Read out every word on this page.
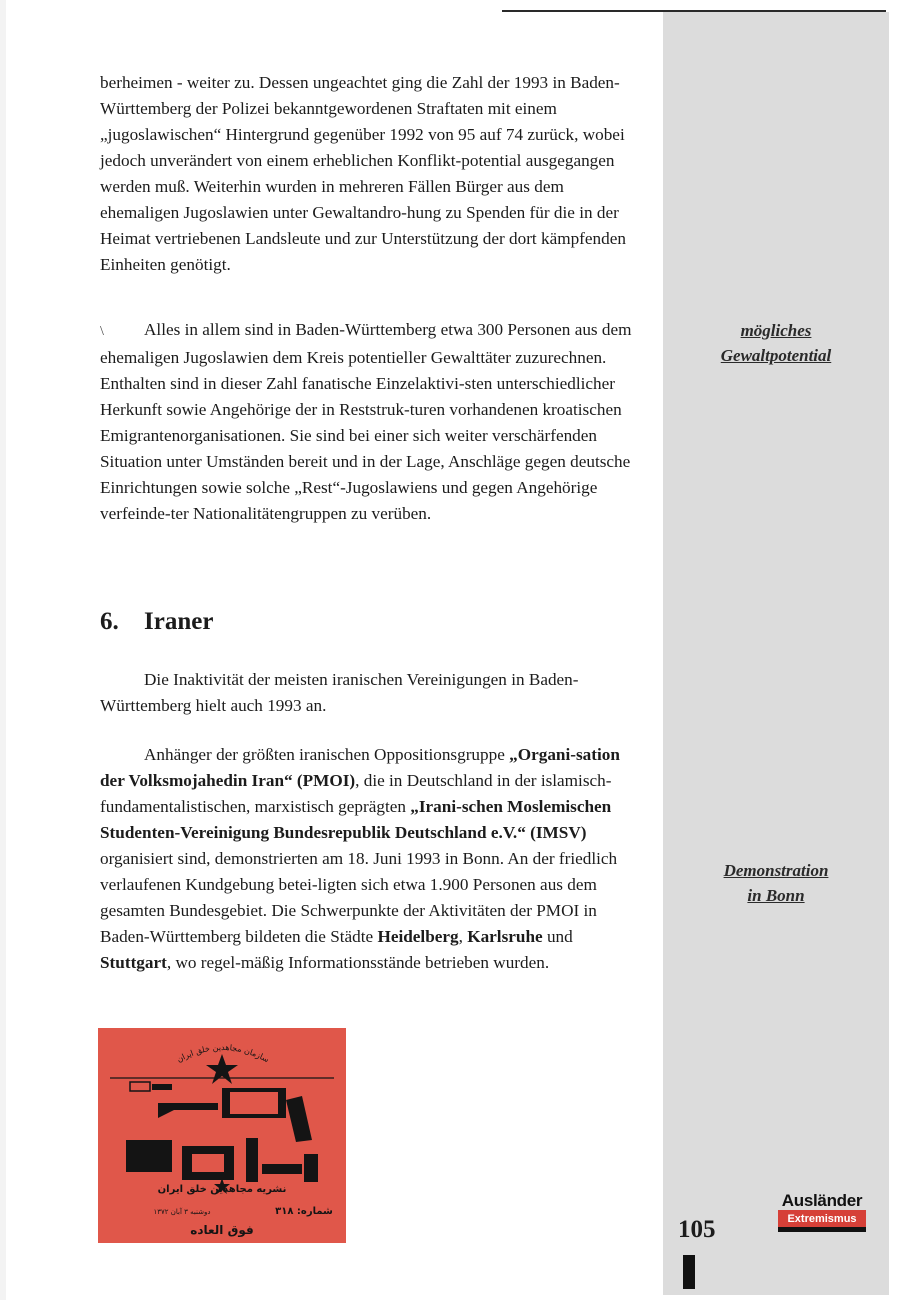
berheimen - weiter zu. Dessen ungeachtet ging die Zahl der 1993 in Baden-Württemberg der Polizei bekanntgewordenen Straftaten mit einem „jugoslawischen“ Hintergrund gegenüber 1992 von 95 auf 74 zurück, wobei jedoch unverändert von einem erheblichen Konflikt-potential ausgegangen werden muß. Weiterhin wurden in mehreren Fällen Bürger aus dem ehemaligen Jugoslawien unter Gewaltandro-hung zu Spenden für die in der Heimat vertriebenen Landsleute und zur Unterstützung der dort kämpfenden Einheiten genötigt.

\ Alles in allem sind in Baden-Württemberg etwa 300 Personen aus dem ehemaligen Jugoslawien dem Kreis potentieller Gewalttäter zuzurechnen. Enthalten sind in dieser Zahl fanatische Einzelaktivi-sten unterschiedlicher Herkunft sowie Angehörige der in Reststruk-turen vorhandenen kroatischen Emigrantenorganisationen. Sie sind bei einer sich weiter verschärfenden Situation unter Umständen bereit und in der Lage, Anschläge gegen deutsche Einrichtungen sowie solche „Rest“-Jugoslawiens und gegen Angehörige verfeinde-ter Nationalitätengruppen zu verüben.

6. Iraner

Die Inaktivität der meisten iranischen Vereinigungen in Baden-Württemberg hielt auch 1993 an.

Anhänger der größten iranischen Oppositionsgruppe „Organi-sation der Volksmojahedin Iran“ (PMOI), die in Deutschland in der islamisch-fundamentalistischen, marxistisch geprägten „Irani-schen Moslemischen Studenten-Vereinigung Bundesrepublik Deutschland e.V.“ (IMSV) organisiert sind, demonstrierten am 18. Juni 1993 in Bonn. An der friedlich verlaufenen Kundgebung betei-ligten sich etwa 1.900 Personen aus dem gesamten Bundesgebiet. Die Schwerpunkte der Aktivitäten der PMOI in Baden-Württemberg bildeten die Städte Heidelberg, Karlsruhe und Stuttgart, wo regel-mäßig Informationsstände betrieben wurden.

mögliches
Gewaltpotential
Demonstration
in Bonn
سازمان مجاهدين خلق ايران
نشريه مجاهدين خلق ايران
شماره: ۳۱۸
دوشنبه ۳ آبان ۱۳۷۲
فوق العاده	105
Ausländer
Extremismus
